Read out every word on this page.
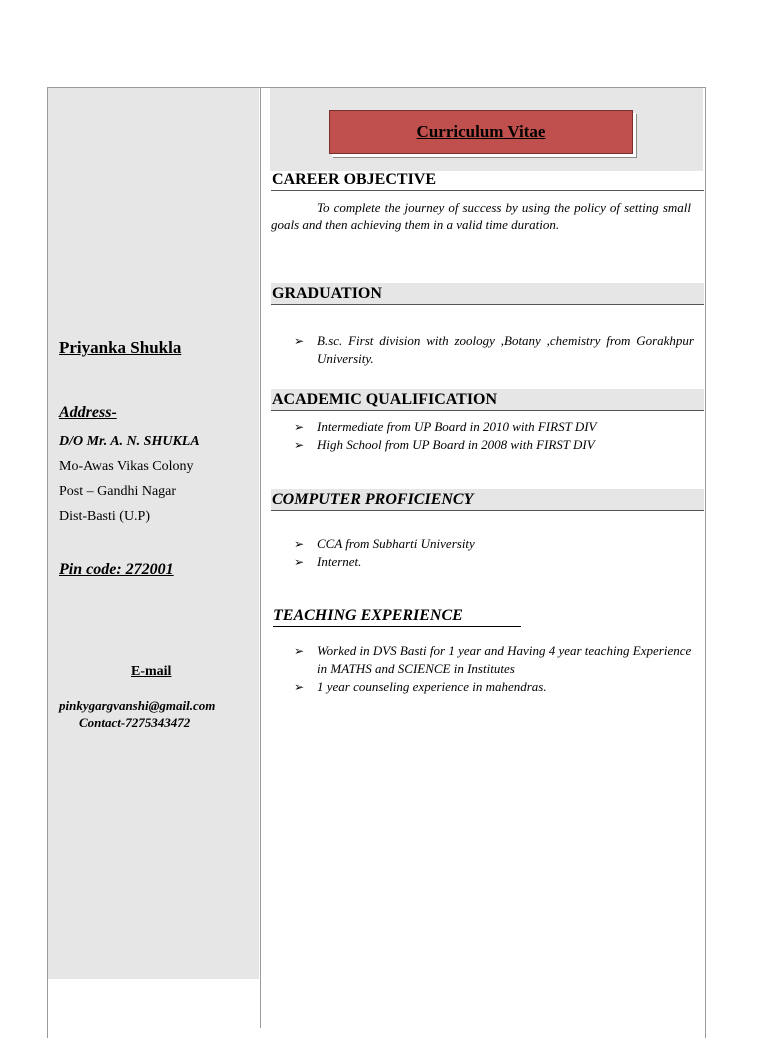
Curriculum Vitae
Priyanka Shukla
Address-
D/O Mr. A. N. SHUKLA
Mo-Awas Vikas Colony
Post – Gandhi Nagar
Dist-Basti (U.P)
Pin code: 272001
E-mail
pinkygargvanshi@gmail.com
Contact-7275343472
CAREER OBJECTIVE
To complete the journey of success by using the policy of setting small goals and then achieving them in a valid time duration.
GRADUATION
➢ B.sc. First division with zoology ,Botany ,chemistry from Gorakhpur University.
ACADEMIC QUALIFICATION
➢ Intermediate from UP Board in 2010 with FIRST DIV
➢ High School from UP Board in 2008 with FIRST DIV
COMPUTER PROFICIENCY
➢ CCA from Subharti University
➢ Internet.
TEACHING EXPERIENCE
➢ Worked in DVS Basti for 1 year and Having 4 year teaching Experience in MATHS and SCIENCE in Institutes
➢ 1 year counseling experience in mahendras.
